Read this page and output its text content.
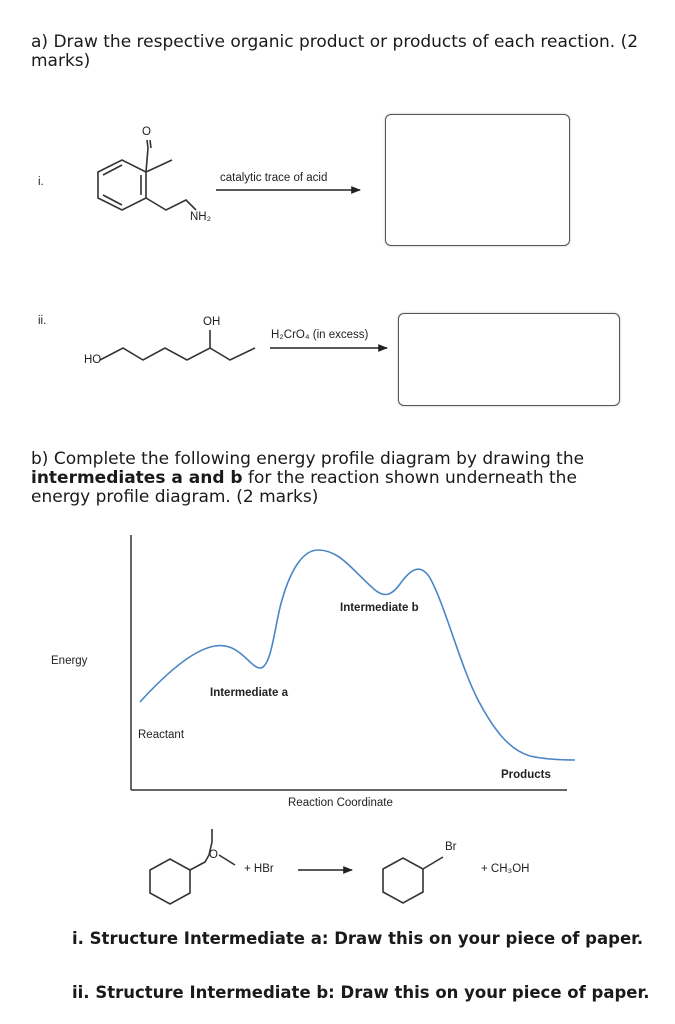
a) Draw the respective organic product or products of each reaction. (2 marks)
i.
O
NH₂
catalytic trace of acid
ii.	OH
HO
H₂CrO₄ (in excess)
b) Complete the following energy profile diagram by drawing the intermediates a and b for the reaction shown underneath the energy profile diagram. (2 marks)
Energy
Intermediate b
Intermediate a
Reactant
Products
Reaction Coordinate
O
+ HBr
Br
+ CH₃OH
i. Structure Intermediate a: Draw this on your piece of paper.
ii. Structure Intermediate b: Draw this on your piece of paper.
